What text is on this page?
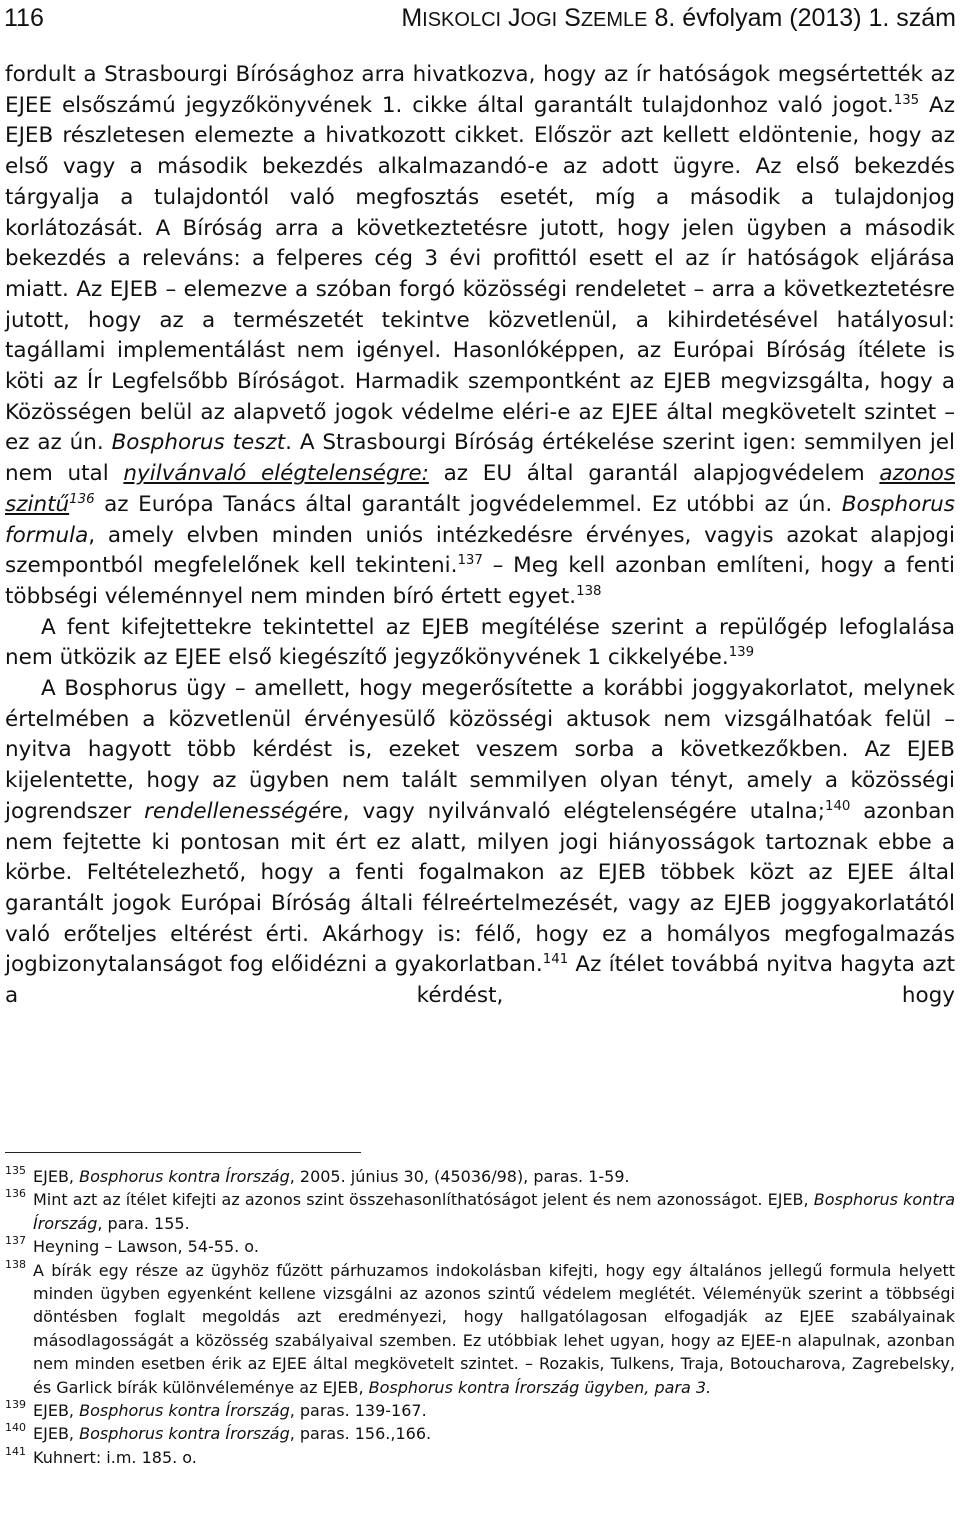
116	MISKOLCI JOGI SZEMLE 8. évfolyam (2013) 1. szám

fordult a Strasbourgi Bírósághoz arra hivatkozva, hogy az ír hatóságok megsértették az EJEE elsőszámú jegyzőkönyvének 1. cikke által garantált tulajdonhoz való jogot.$^{135}$ Az EJEB részletesen elemezte a hivatkozott cikket. Először azt kellett eldöntenie, hogy az első vagy a második bekezdés alkalmazandó-e az adott ügyre. Az első bekezdés tárgyalja a tulajdontól való megfosztás esetét, míg a második a tulajdonjog korlátozását. A Bíróság arra a következtetésre jutott, hogy jelen ügyben a második bekezdés a releváns: a felperes cég 3 évi profittól esett el az ír hatóságok eljárása miatt. Az EJEB – elemezve a szóban forgó közösségi rendeletet – arra a következtetésre jutott, hogy az a természetét tekintve közvetlenül, a kihirdetésével hatályosul: tagállami implementálást nem igényel. Hasonlóképpen, az Európai Bíróság ítélete is köti az Ír Legfelsőbb Bíróságot. Harmadik szempontként az EJEB megvizsgálta, hogy a Közösségen belül az alapvető jogok védelme eléri-e az EJEE által megkövetelt szintet – ez az ún. Bosphorus teszt. A Strasbourgi Bíróság értékelése szerint igen: semmilyen jel nem utal nyilvánvaló elégtelenségre: az EU által garantál alapjogvédelem azonos szintű$^{136}$ az Európa Tanács által garantált jogvédelemmel. Ez utóbbi az ún. Bosphorus formula, amely elvben minden uniós intézkedésre érvényes, vagyis azokat alapjogi szempontból megfelelőnek kell tekinteni.$^{137}$ – Meg kell azonban említeni, hogy a fenti többségi véleménnyel nem minden bíró értett egyet.$^{138}$

A fent kifejtettekre tekintettel az EJEB megítélése szerint a repülőgép lefoglalása nem ütközik az EJEE első kiegészítő jegyzőkönyvének 1 cikkelyébe.$^{139}$

A Bosphorus ügy – amellett, hogy megerősítette a korábbi joggyakorlatot, melynek értelmében a közvetlenül érvényesülő közösségi aktusok nem vizsgálhatóak felül – nyitva hagyott több kérdést is, ezeket veszem sorba a következőkben. Az EJEB kijelentette, hogy az ügyben nem talált semmilyen olyan tényt, amely a közösségi jogrendszer rendellenességére, vagy nyilvánvaló elégtelenségére utalna;$^{140}$ azonban nem fejtette ki pontosan mit ért ez alatt, milyen jogi hiányosságok tartoznak ebbe a körbe. Feltételezhető, hogy a fenti fogalmakon az EJEB többek közt az EJEE által garantált jogok Európai Bíróság általi félreértelmezését, vagy az EJEB joggyakorlatától való erőteljes eltérést érti. Akárhogy is: félő, hogy ez a homályos megfogalmazás jogbizonytalanságot fog előidézni a gyakorlatban.$^{141}$ Az ítélet továbbá nyitva hagyta azt a kérdést, hogy

135 EJEB, Bosphorus kontra Írország, 2005. június 30, (45036/98), paras. 1-59.

136 Mint azt az ítélet kifejti az azonos szint összehasonlíthatóságot jelent és nem azonosságot. EJEB, Bosphorus kontra Írország, para. 155.

137 Heyning – Lawson, 54-55. o.

138 A bírák egy része az ügyhöz fűzött párhuzamos indokolásban kifejti, hogy egy általános jellegű formula helyett minden ügyben egyenként kellene vizsgálni az azonos szintű védelem meglétét. Véleményük szerint a többségi döntésben foglalt megoldás azt eredményezi, hogy hallgatólagosan elfogadják az EJEE szabályainak másodlagosságát a közösség szabályaival szemben. Ez utóbbiak lehet ugyan, hogy az EJEE-n alapulnak, azonban nem minden esetben érik az EJEE által megkövetelt szintet. – Rozakis, Tulkens, Traja, Botoucharova, Zagrebelsky, és Garlick bírák különvéleménye az EJEB, Bosphorus kontra Írország ügyben, para 3.

139 EJEB, Bosphorus kontra Írország, paras. 139-167.

140 EJEB, Bosphorus kontra Írország, paras. 156.,166.

141 Kuhnert: i.m. 185. o.
